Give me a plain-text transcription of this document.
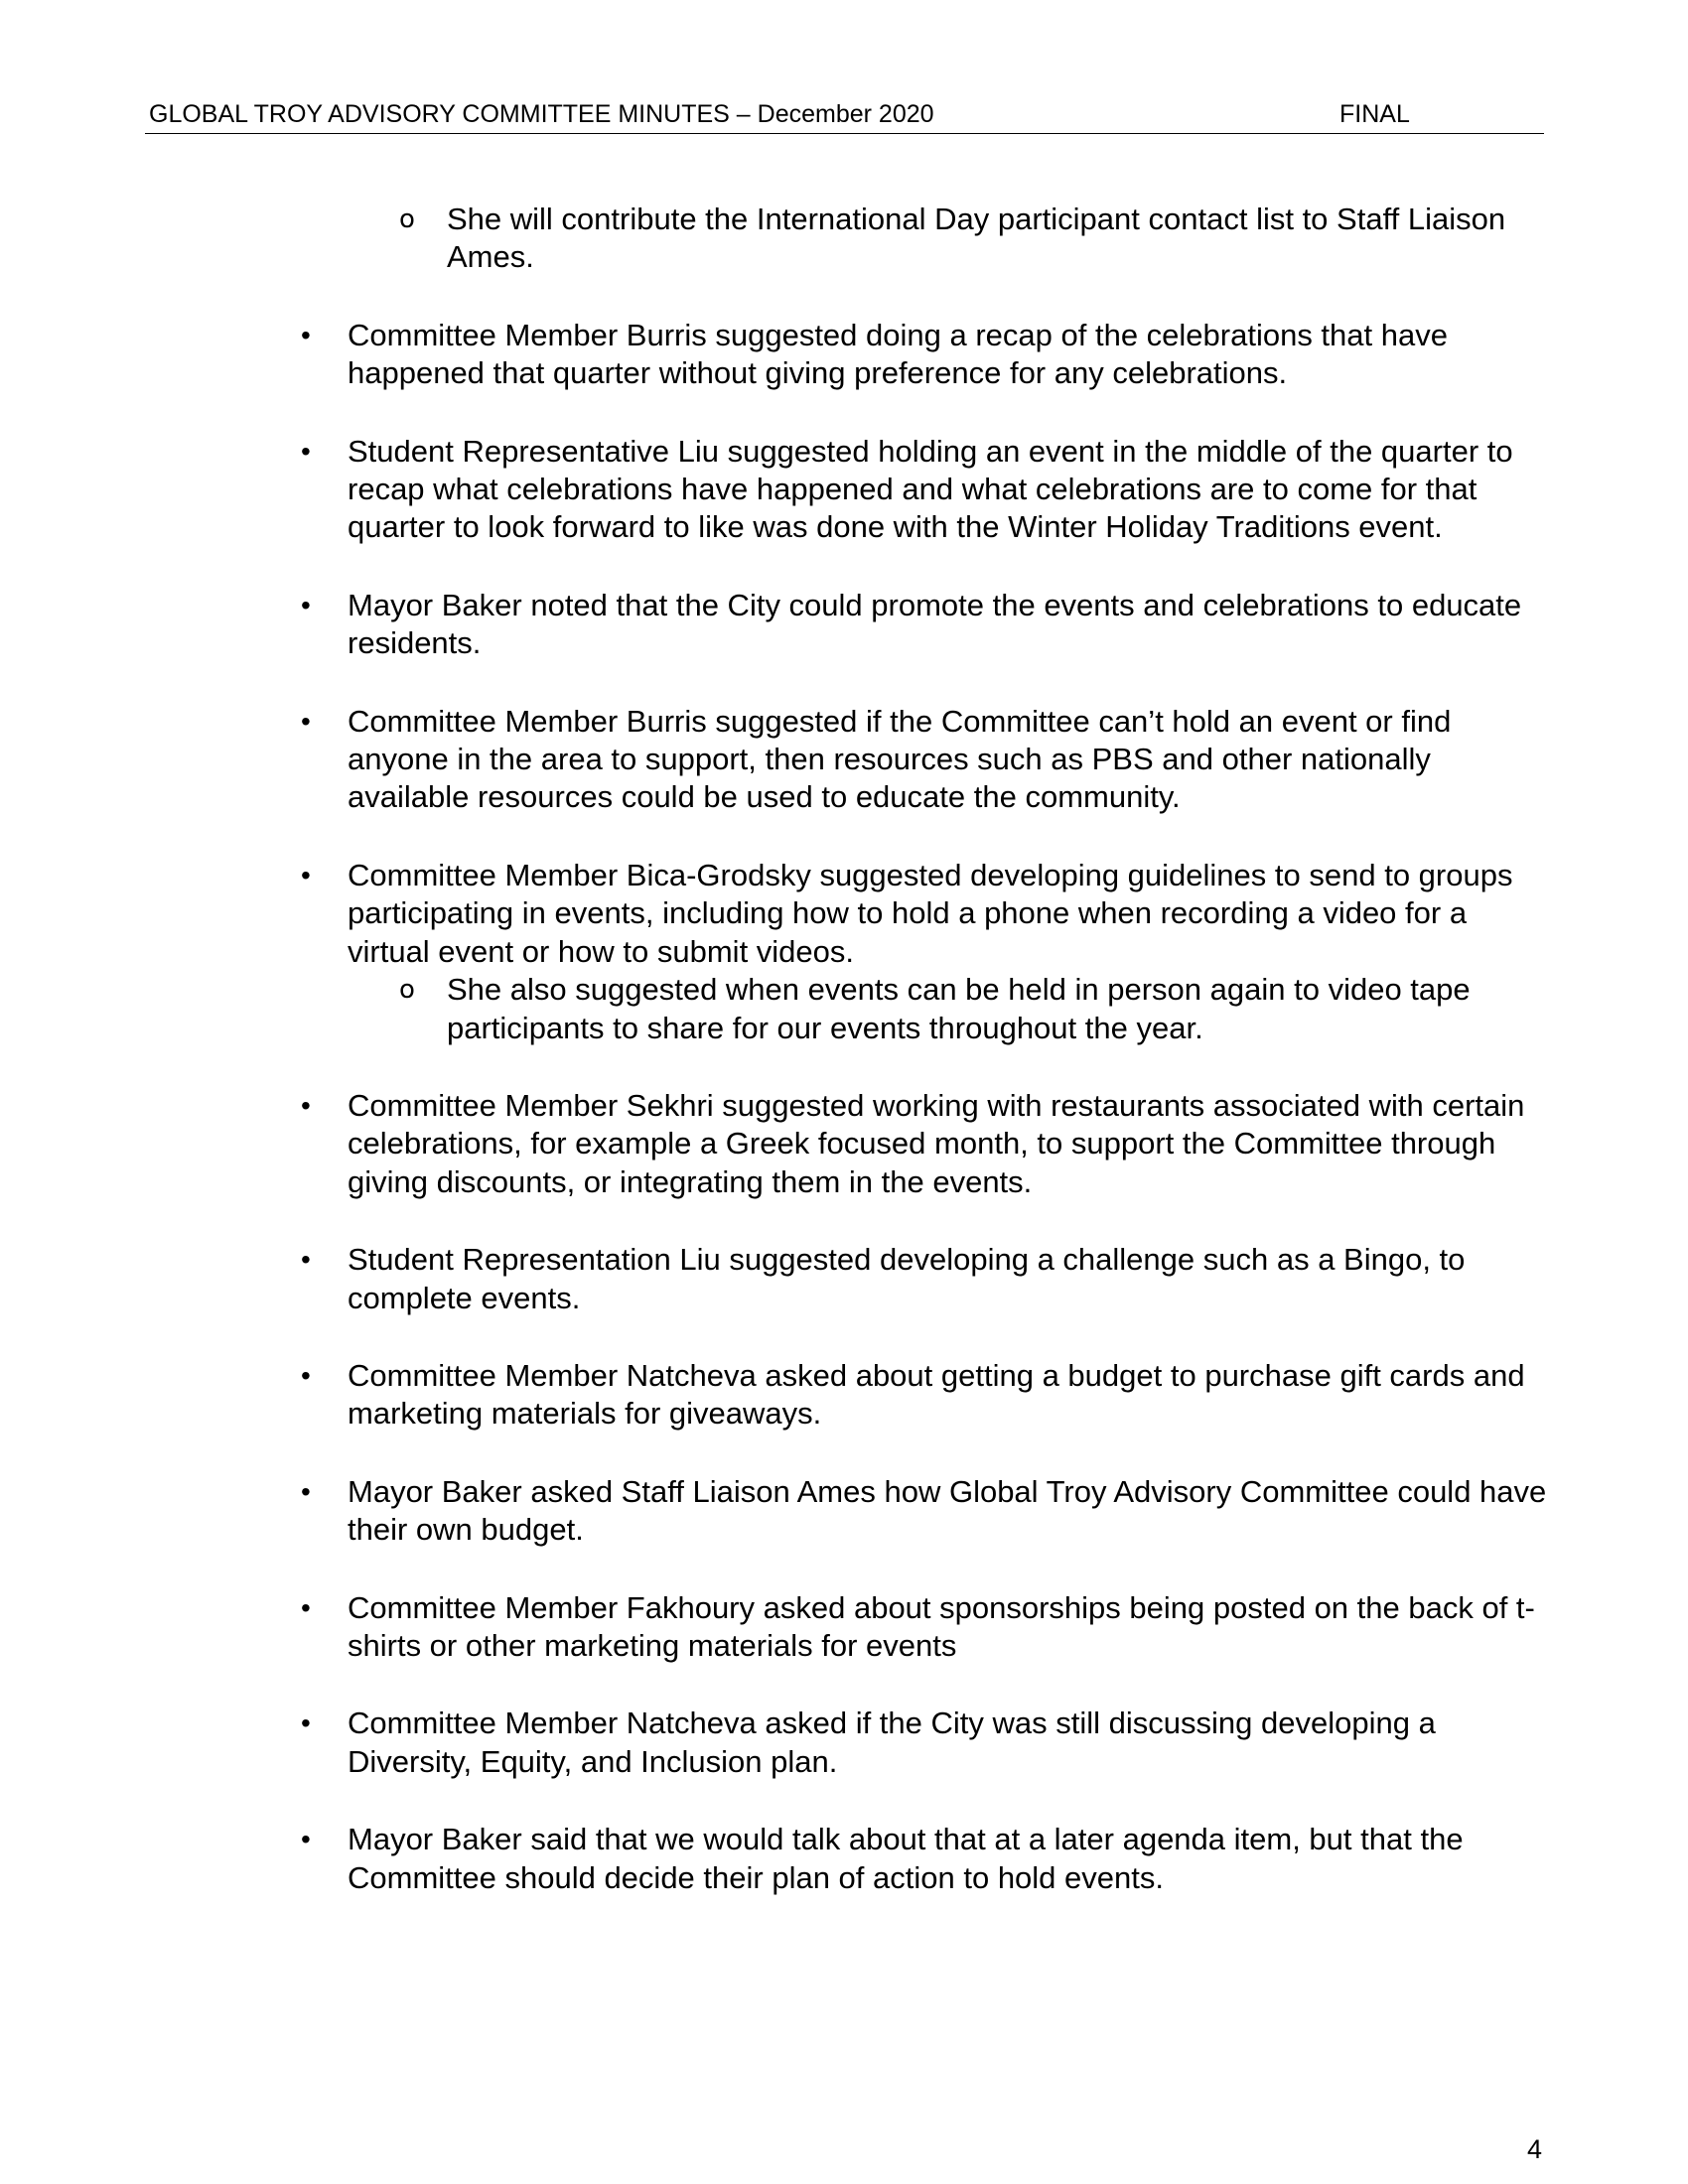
GLOBAL TROY ADVISORY COMMITTEE MINUTES – December 2020	FINAL
o She will contribute the International Day participant contact list to Staff Liaison Ames.
• Committee Member Burris suggested doing a recap of the celebrations that have happened that quarter without giving preference for any celebrations.
• Student Representative Liu suggested holding an event in the middle of the quarter to recap what celebrations have happened and what celebrations are to come for that quarter to look forward to like was done with the Winter Holiday Traditions event.
• Mayor Baker noted that the City could promote the events and celebrations to educate residents.
• Committee Member Burris suggested if the Committee can’t hold an event or find anyone in the area to support, then resources such as PBS and other nationally available resources could be used to educate the community.
• Committee Member Bica-Grodsky suggested developing guidelines to send to groups participating in events, including how to hold a phone when recording a video for a virtual event or how to submit videos.
o She also suggested when events can be held in person again to video tape participants to share for our events throughout the year.
• Committee Member Sekhri suggested working with restaurants associated with certain celebrations, for example a Greek focused month, to support the Committee through giving discounts, or integrating them in the events.
• Student Representation Liu suggested developing a challenge such as a Bingo, to complete events.
• Committee Member Natcheva asked about getting a budget to purchase gift cards and marketing materials for giveaways.
• Mayor Baker asked Staff Liaison Ames how Global Troy Advisory Committee could have their own budget.
• Committee Member Fakhoury asked about sponsorships being posted on the back of t-shirts or other marketing materials for events
• Committee Member Natcheva asked if the City was still discussing developing a Diversity, Equity, and Inclusion plan.
• Mayor Baker said that we would talk about that at a later agenda item, but that the Committee should decide their plan of action to hold events.
4
